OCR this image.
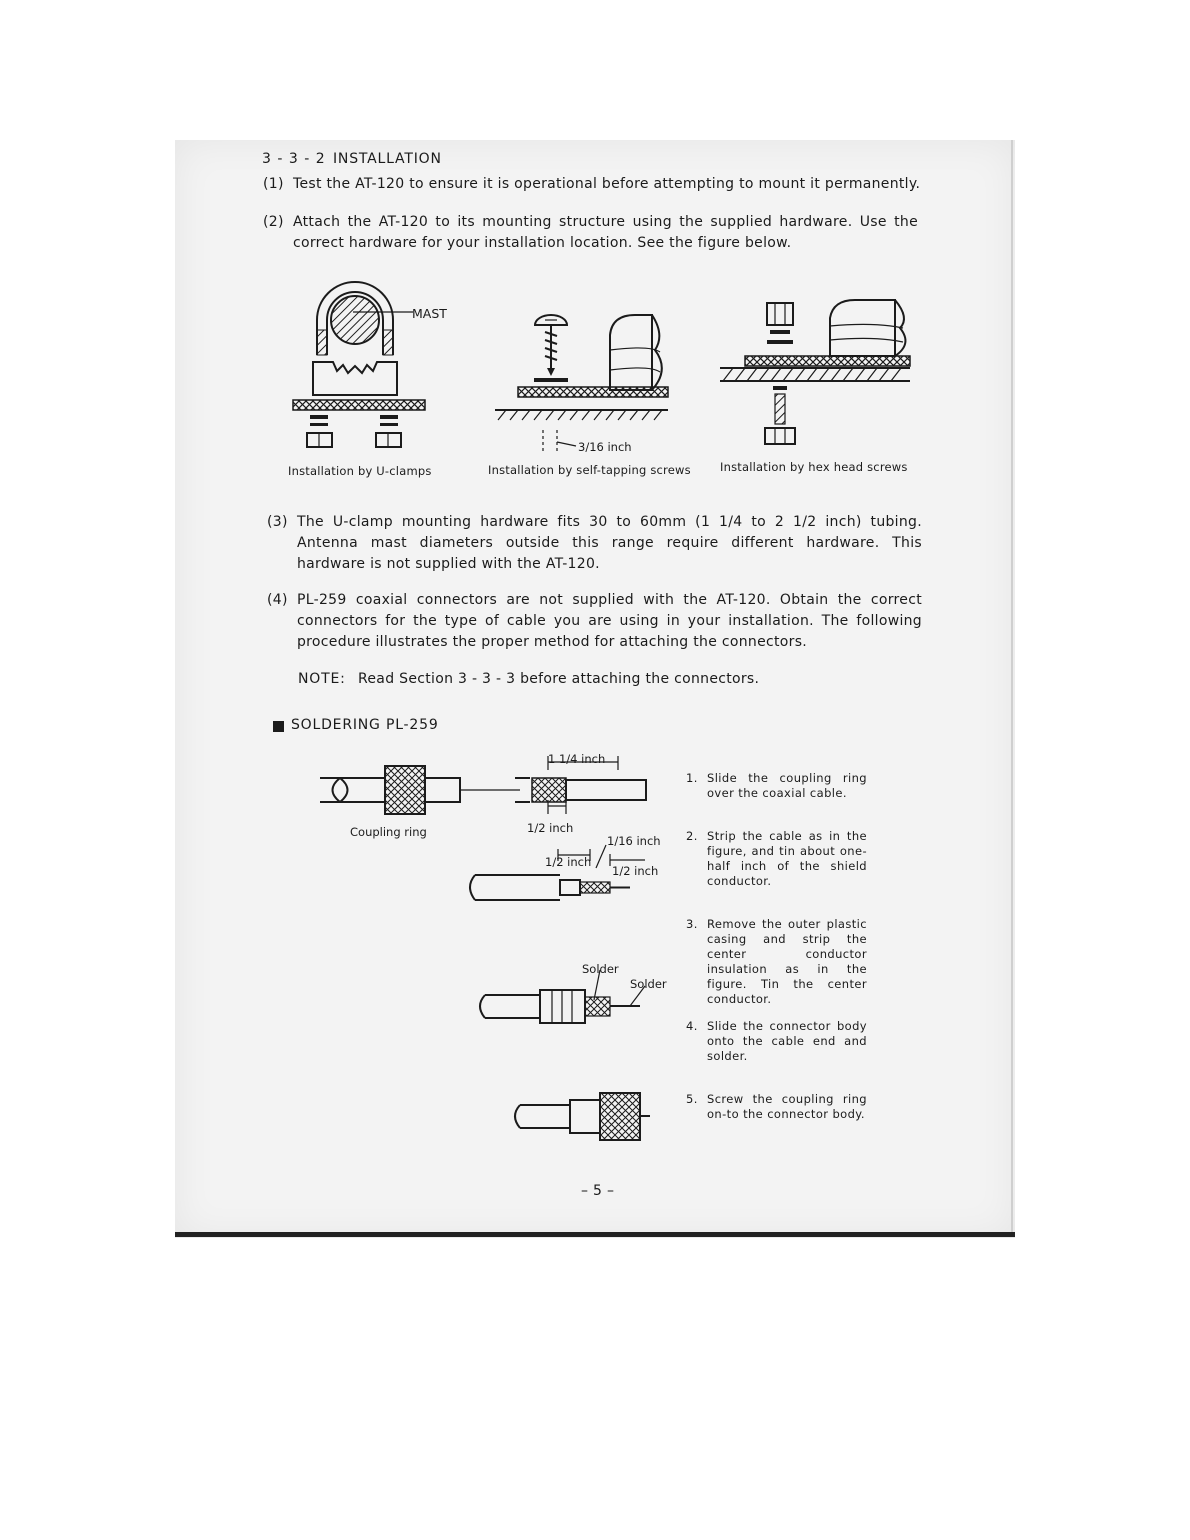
3 - 3 - 2 INSTALLATION
(1) Test the AT-120 to ensure it is operational before attempting to mount it permanently.
(2) Attach the AT-120 to its mounting structure using the supplied hardware. Use the correct hardware for your installation location. See the figure below.
MAST
3/16 inch
Installation by U-clamps	Installation by self-tapping screws	Installation by hex head screws
(3) The U-clamp mounting hardware fits 30 to 60mm (1 1/4 to 2 1/2 inch) tubing. Antenna mast diameters outside this range require different hardware. This hardware is not supplied with the AT-120.
(4) PL-259 coaxial connectors are not supplied with the AT-120. Obtain the correct connectors for the type of cable you are using in your installation. The following procedure illustrates the proper method for attaching the connectors.
NOTE: Read Section 3 - 3 - 3 before attaching the connectors.
SOLDERING PL-259
1 1/4 inch
Coupling ring	1/2 inch
1/16 inch
1/2 inch
1/2 inch
Solder
Solder
1. Slide the coupling ring over the coaxial cable.
2. Strip the cable as in the figure, and tin about one-half inch of the shield conductor.
3. Remove the outer plastic casing and strip the center conductor insulation as in the figure. Tin the center conductor.
4. Slide the connector body onto the cable end and solder.
5. Screw the coupling ring on-to the connector body.
– 5 –
